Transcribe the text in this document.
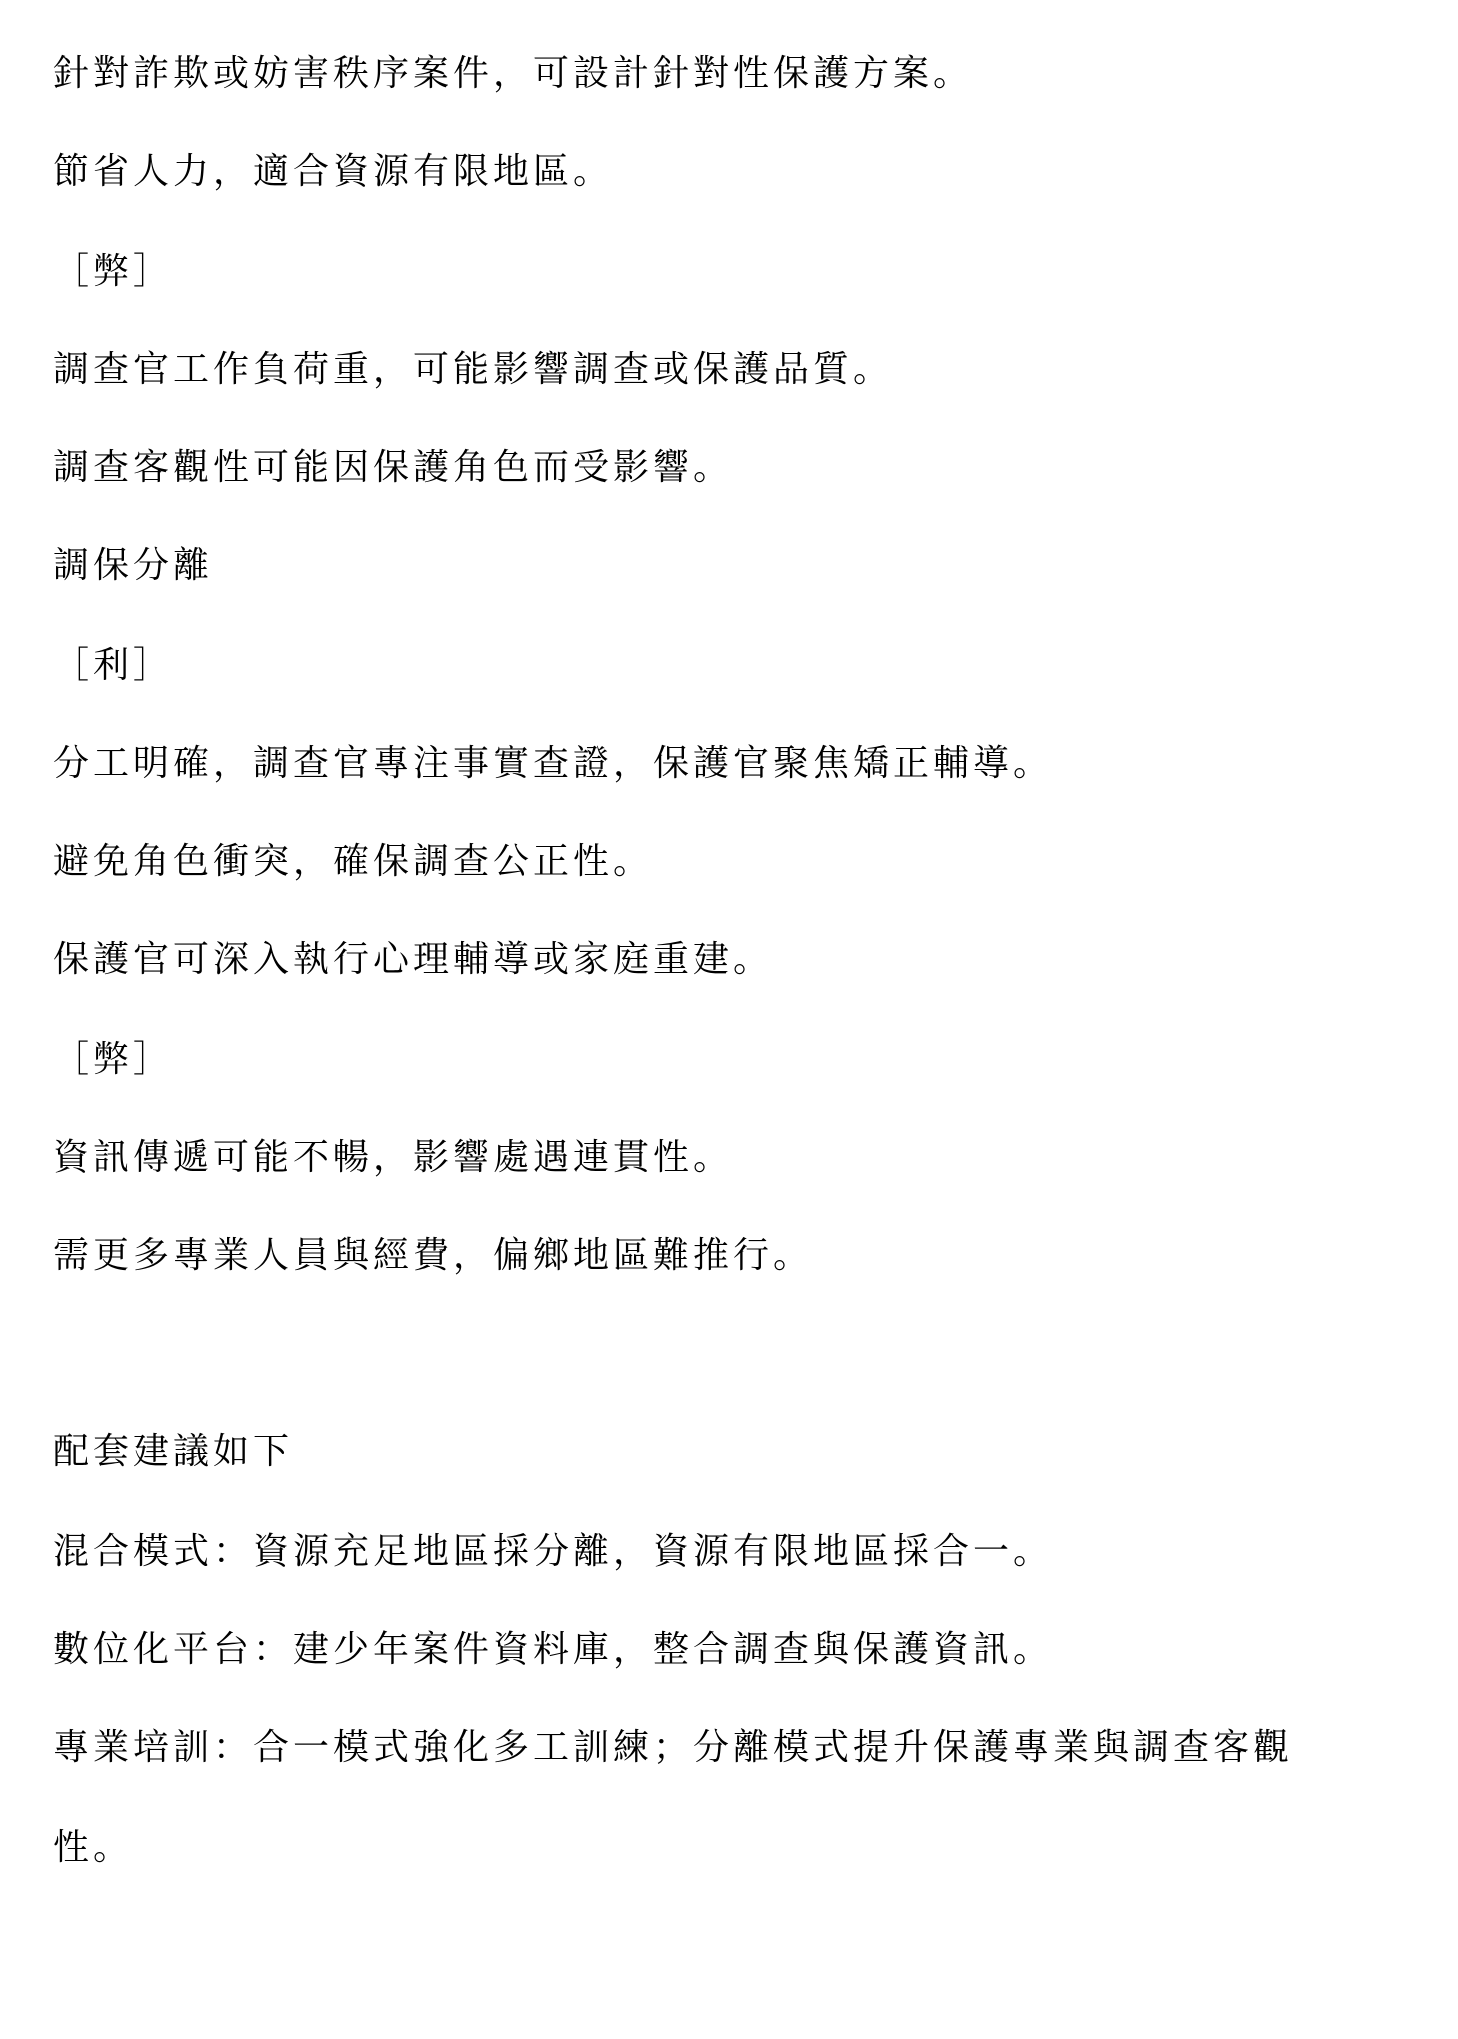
針對詐欺或妨害秩序案件，可設計針對性保護方案。

節省人力，適合資源有限地區。

［弊］

調查官工作負荷重，可能影響調查或保護品質。

調查客觀性可能因保護角色而受影響。

調保分離

［利］

分工明確，調查官專注事實查證，保護官聚焦矯正輔導。

避免角色衝突，確保調查公正性。

保護官可深入執行心理輔導或家庭重建。

［弊］

資訊傳遞可能不暢，影響處遇連貫性。

需更多專業人員與經費，偏鄉地區難推行。

配套建議如下

混合模式：資源充足地區採分離，資源有限地區採合一。

數位化平台：建少年案件資料庫，整合調查與保護資訊。

專業培訓：合一模式強化多工訓練；分離模式提升保護專業與調查客觀

性。
